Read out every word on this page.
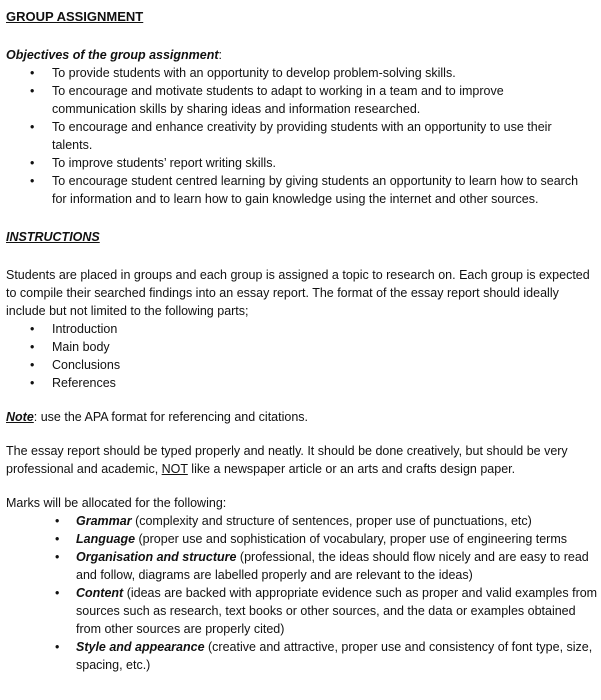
GROUP ASSIGNMENT

Objectives of the group assignment:

• To provide students with an opportunity to develop problem-solving skills.
• To encourage and motivate students to adapt to working in a team and to improve communication skills by sharing ideas and information researched.
• To encourage and enhance creativity by providing students with an opportunity to use their talents.
• To improve students’ report writing skills.
• To encourage student centred learning by giving students an opportunity to learn how to search for information and to learn how to gain knowledge using the internet and other sources.

INSTRUCTIONS

Students are placed in groups and each group is assigned a topic to research on. Each group is expected to compile their searched findings into an essay report. The format of the essay report should ideally include but not limited to the following parts;

• Introduction
• Main body
• Conclusions
• References

Note: use the APA format for referencing and citations.

The essay report should be typed properly and neatly. It should be done creatively, but should be very professional and academic, NOT like a newspaper article or an arts and crafts design paper.

Marks will be allocated for the following:

• Grammar (complexity and structure of sentences, proper use of punctuations, etc)
• Language (proper use and sophistication of vocabulary, proper use of engineering terms
• Organisation and structure (professional, the ideas should flow nicely and are easy to read and follow, diagrams are labelled properly and are relevant to the ideas)
• Content (ideas are backed with appropriate evidence such as proper and valid examples from sources such as research, text books or other sources, and the data or examples obtained from other sources are properly cited)
• Style and appearance (creative and attractive, proper use and consistency of font type, size, spacing, etc.)
